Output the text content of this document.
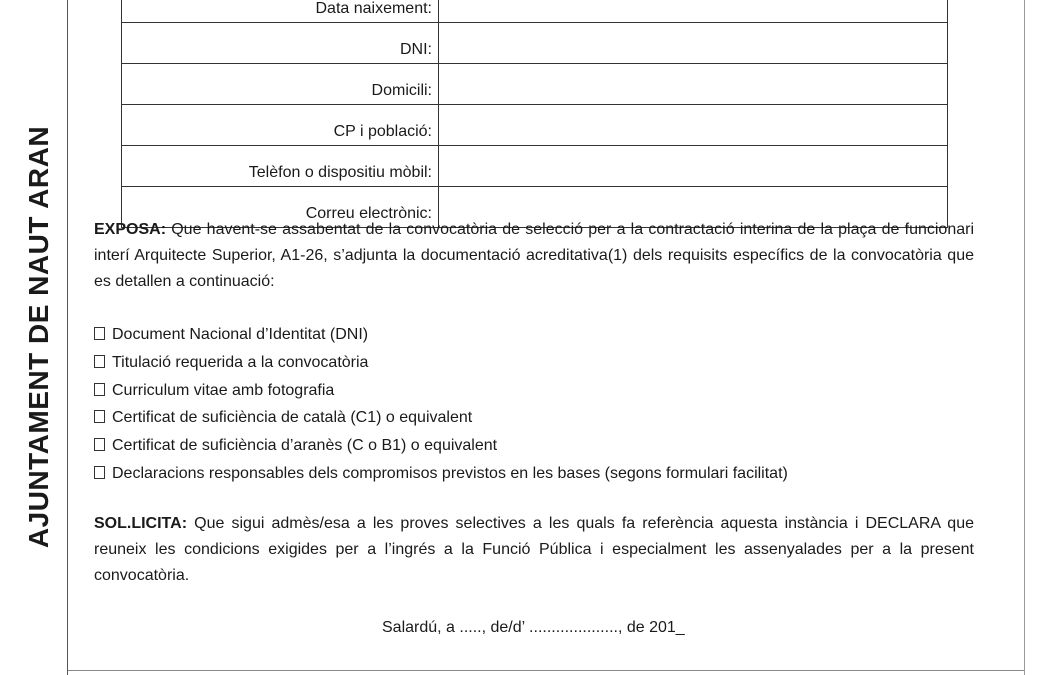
AJUNTAMENT DE NAUT ARAN
Data naixement:	
DNI:	
Domicili:	
CP i població:	
Telèfon o dispositiu mòbil:	
Correu electrònic:	
EXPOSA: Que havent-se assabentat de la convocatòria de selecció per a la contractació interina de la plaça de funcionari interí Arquitecte Superior, A1-26, s’adjunta la documentació acreditativa(1) dels requisits específics de la convocatòria que es detallen a continuació:
Document Nacional d’Identitat (DNI)
Titulació requerida a la convocatòria
Curriculum vitae amb fotografia
Certificat de suficiència de català (C1) o equivalent
Certificat de suficiència d’aranès (C o B1) o equivalent
Declaracions responsables dels compromisos previstos en les bases (segons formulari facilitat)
SOL.LICITA: Que sigui admès/esa a les proves selectives a les quals fa referència aquesta instància i DECLARA que reuneix les condicions exigides per a l’ingrés a la Funció Pública i especialment les assenyalades per a la present convocatòria.
Salardú, a ....., de/d’ ...................., de 201_
